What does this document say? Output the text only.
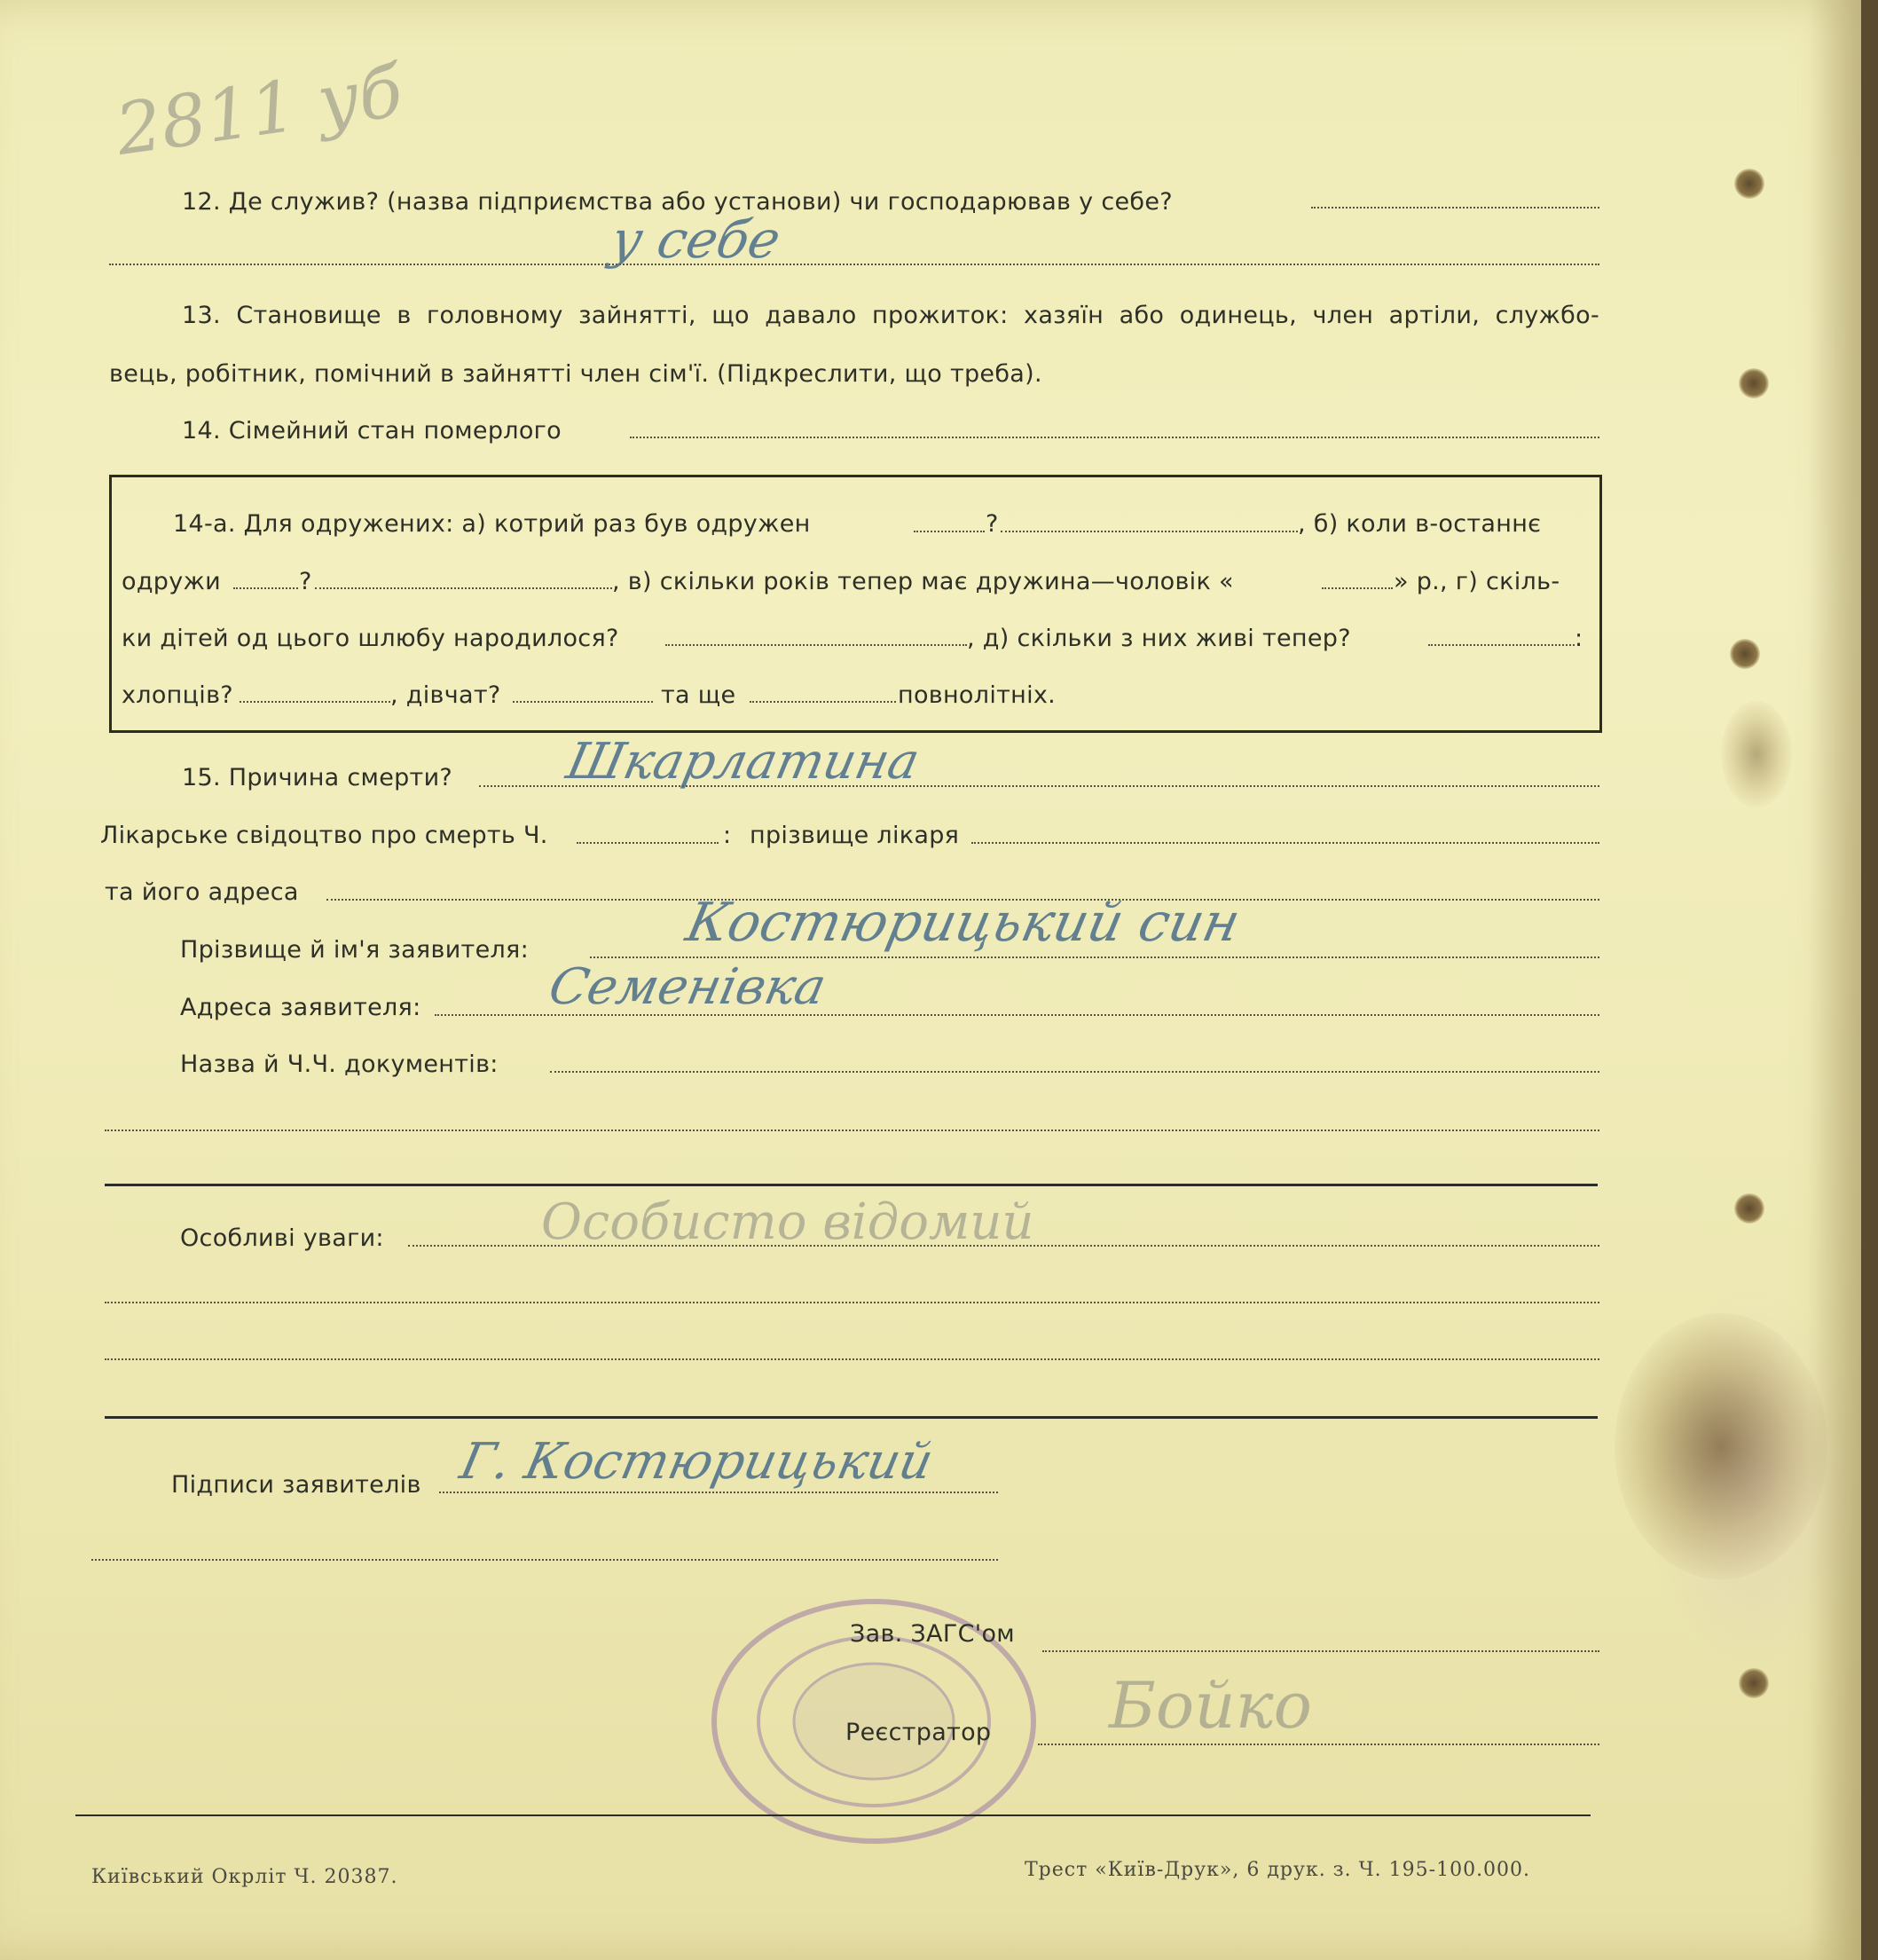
2811 уб
12. Де служив? (назва підприємства або установи) чи господарював у себе?
у себе
13. Становище в головному зайнятті, що давало прожиток: хазяїн або одинець, член артіли, службо-
вець, робітник, помічний в зайнятті член сім'ї. (Підкреслити, що треба).
14. Сімейний стан померлого
14-а. Для одружених: а) котрий раз був одружен	?	, б) коли в-останнє
одружи	?	, в) скільки років тепер має дружина—чоловік «	» р., г) скіль-
ки дітей од цього шлюбу народилося?	, д) скільки з них живі тепер?	:
хлопців?	, дівчат?	та ще	повнолітніх.
15. Причина смерти? Шкарлатина
Лікарське свідоцтво про смерть Ч.	: прізвище лікаря
та його адреса
Прізвище й ім'я заявителя:	Костюрицький син
Адреса заявителя: Семенівка
Назва й Ч.Ч. документів:
Особливі уваги:	Особисто відомий
Підписи заявителів Г. Костюрицький
Зав. ЗАГС'ом
Реєстратор Бойко
Київський Окрліт Ч. 20387.	Трест «Київ-Друк», 6 друк. з. Ч. 195-100.000.
